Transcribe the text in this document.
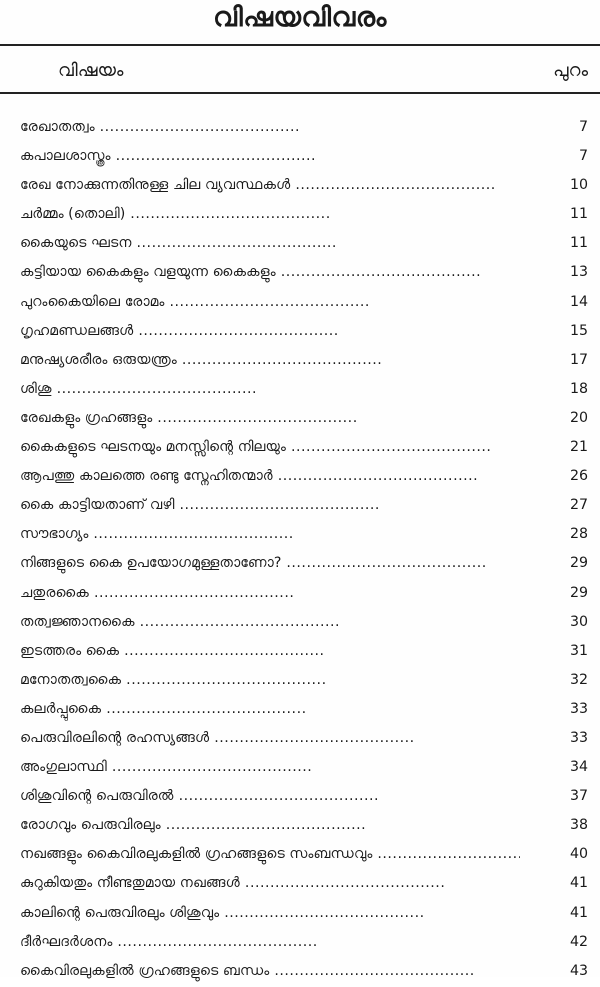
വിഷയവിവരം
വിഷയം	പുറം
രേഖാതത്വം .....	7
കപാലശാസ്ത്രം .....	7
രേഖ നോക്കുന്നതിനുള്ള ചില വ്യവസ്ഥകൾ .....	10
ചർമ്മം (തൊലി) .....	11
കൈയുടെ ഘടന .....	11
കട്ടിയായ കൈകളും വളയുന്ന കൈകളും .....	13
പുറംകൈയിലെ രോമം .....	14
ഗൃഹമണ്ഡലങ്ങൾ .....	15
മനുഷ്യശരീരം ഒരുയന്ത്രം .....	17
ശിശു .....	18
രേഖകളും ഗ്രഹങ്ങളും .....	20
കൈകളുടെ ഘടനയും മനസ്സിന്റെ നിലയും .....	21
ആപത്തു കാലത്തെ രണ്ടു സ്നേഹിതന്മാർ .....	26
കൈ കാട്ടിയതാണ് വഴി .....	27
സൗഭാഗ്യം .....	28
നിങ്ങളുടെ കൈ ഉപയോഗമുള്ളതാണോ? .....	29
ചതുരകൈ .....	29
തത്വജ്ഞാനകൈ .....	30
ഇടത്തരം കൈ .....	31
മനോതത്വകൈ .....	32
കലർപ്പുകൈ .....	33
പെരുവിരലിന്റെ രഹസ്യങ്ങൾ .....	33
അംഗുലാസ്ഥി .....	34
ശിശുവിന്റെ പെരുവിരൽ .....	37
രോഗവും പെരുവിരലും .....	38
നഖങ്ങളും കൈവിരലുകളിൽ ഗ്രഹങ്ങളുടെ സംബന്ധവും .....	40
കുറുകിയതും നീണ്ടതുമായ നഖങ്ങൾ .....	41
കാലിന്റെ പെരുവിരലും ശിശുവും .....	41
ദീർഘദർശനം .....	42
കൈവിരലുകളിൽ ഗ്രഹങ്ങളുടെ ബന്ധം .....	43
